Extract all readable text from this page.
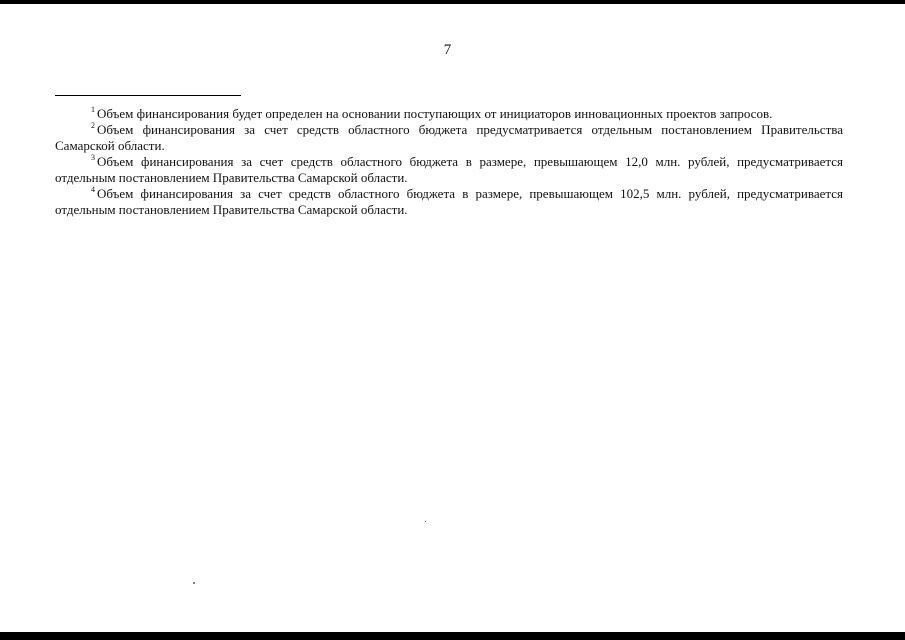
7

$^1$ Объем финансирования будет определен на основании поступающих от инициаторов инновационных проектов запросов.

$^2$ Объем финансирования за счет средств областного бюджета предусматривается отдельным постановлением Правительства Самарской области.

$^3$ Объем финансирования за счет средств областного бюджета в размере, превышающем 12,0 млн. рублей, предусматривается отдельным постановлением Правительства Самарской области.

$^4$ Объем финансирования за счет средств областного бюджета в размере, превышающем 102,5 млн. рублей, предусматривается отдельным постановлением Правительства Самарской области.
